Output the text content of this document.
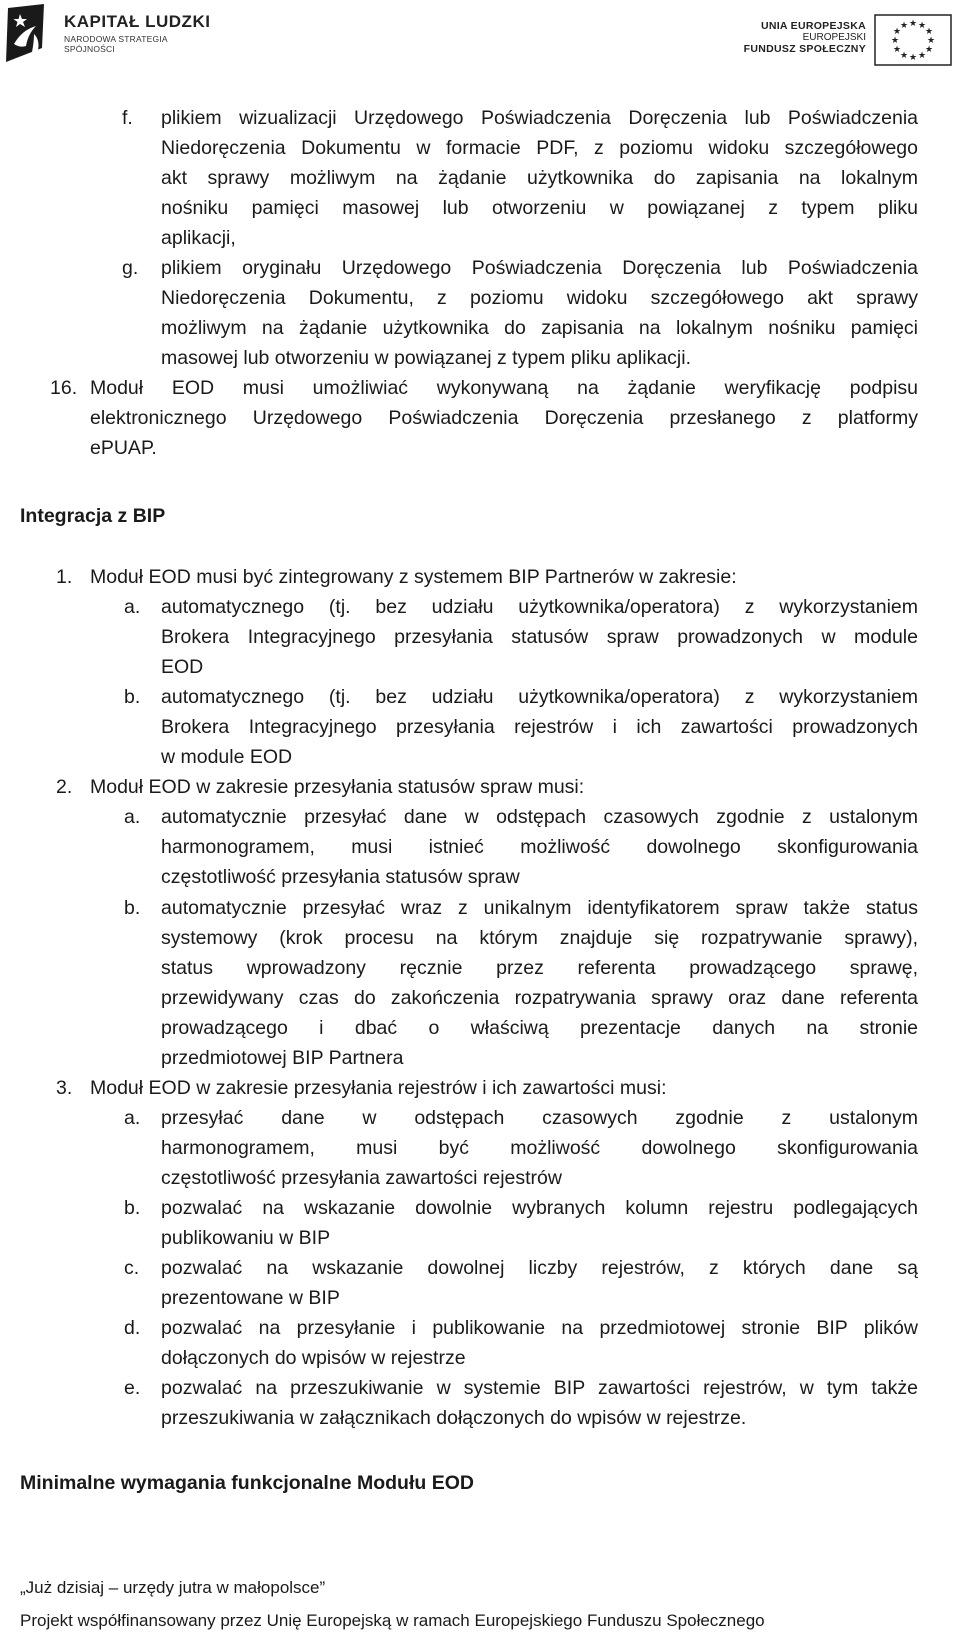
KAPITAŁ LUDZKI
NARODOWA STRATEGIA SPÓJNOŚCI
UNIA EUROPEJSKA
EUROPEJSKI
FUNDUSZ SPOŁECZNY
★ ★
★
★
★
★
★
★
★
★
★
★
f. plikiem wizualizacji Urzędowego Poświadczenia Doręczenia lub Poświadczenia
Niedoręczenia Dokumentu w formacie PDF, z poziomu widoku szczegółowego
akt sprawy możliwym na żądanie użytkownika do zapisania na lokalnym
nośniku pamięci masowej lub otworzeniu w powiązanej z typem pliku
aplikacji,
g. plikiem oryginału Urzędowego Poświadczenia Doręczenia lub Poświadczenia
Niedoręczenia Dokumentu, z poziomu widoku szczegółowego akt sprawy
możliwym na żądanie użytkownika do zapisania na lokalnym nośniku pamięci
masowej lub otworzeniu w powiązanej z typem pliku aplikacji.
16. Moduł EOD musi umożliwiać wykonywaną na żądanie weryfikację podpisu
elektronicznego Urzędowego Poświadczenia Doręczenia przesłanego z platformy
ePUAP.
Integracja z BIP
1. Moduł EOD musi być zintegrowany z systemem BIP Partnerów w zakresie:
a. automatycznego (tj. bez udziału użytkownika/operatora) z wykorzystaniem
Brokera Integracyjnego przesyłania statusów spraw prowadzonych w module
EOD
b. automatycznego (tj. bez udziału użytkownika/operatora) z wykorzystaniem
Brokera Integracyjnego przesyłania rejestrów i ich zawartości prowadzonych
w module EOD
2. Moduł EOD w zakresie przesyłania statusów spraw musi:
a. automatycznie przesyłać dane w odstępach czasowych zgodnie z ustalonym
harmonogramem, musi istnieć możliwość dowolnego skonfigurowania
częstotliwość przesyłania statusów spraw
b. automatycznie przesyłać wraz z unikalnym identyfikatorem spraw także status
systemowy (krok procesu na którym znajduje się rozpatrywanie sprawy),
status wprowadzony ręcznie przez referenta prowadzącego sprawę,
przewidywany czas do zakończenia rozpatrywania sprawy oraz dane referenta
prowadzącego i dbać o właściwą prezentacje danych na stronie
przedmiotowej BIP Partnera
3. Moduł EOD w zakresie przesyłania rejestrów i ich zawartości musi:
a. przesyłać dane w odstępach czasowych zgodnie z ustalonym
harmonogramem, musi być możliwość dowolnego skonfigurowania
częstotliwość przesyłania zawartości rejestrów
b. pozwalać na wskazanie dowolnie wybranych kolumn rejestru podlegających
publikowaniu w BIP
c. pozwalać na wskazanie dowolnej liczby rejestrów, z których dane są
prezentowane w BIP
d. pozwalać na przesyłanie i publikowanie na przedmiotowej stronie BIP plików
dołączonych do wpisów w rejestrze
e. pozwalać na przeszukiwanie w systemie BIP zawartości rejestrów, w tym także
przeszukiwania w załącznikach dołączonych do wpisów w rejestrze.
Minimalne wymagania funkcjonalne Modułu EOD
„Już dzisiaj – urzędy jutra w małopolsce”
Projekt współfinansowany przez Unię Europejską w ramach Europejskiego Funduszu Społecznego
